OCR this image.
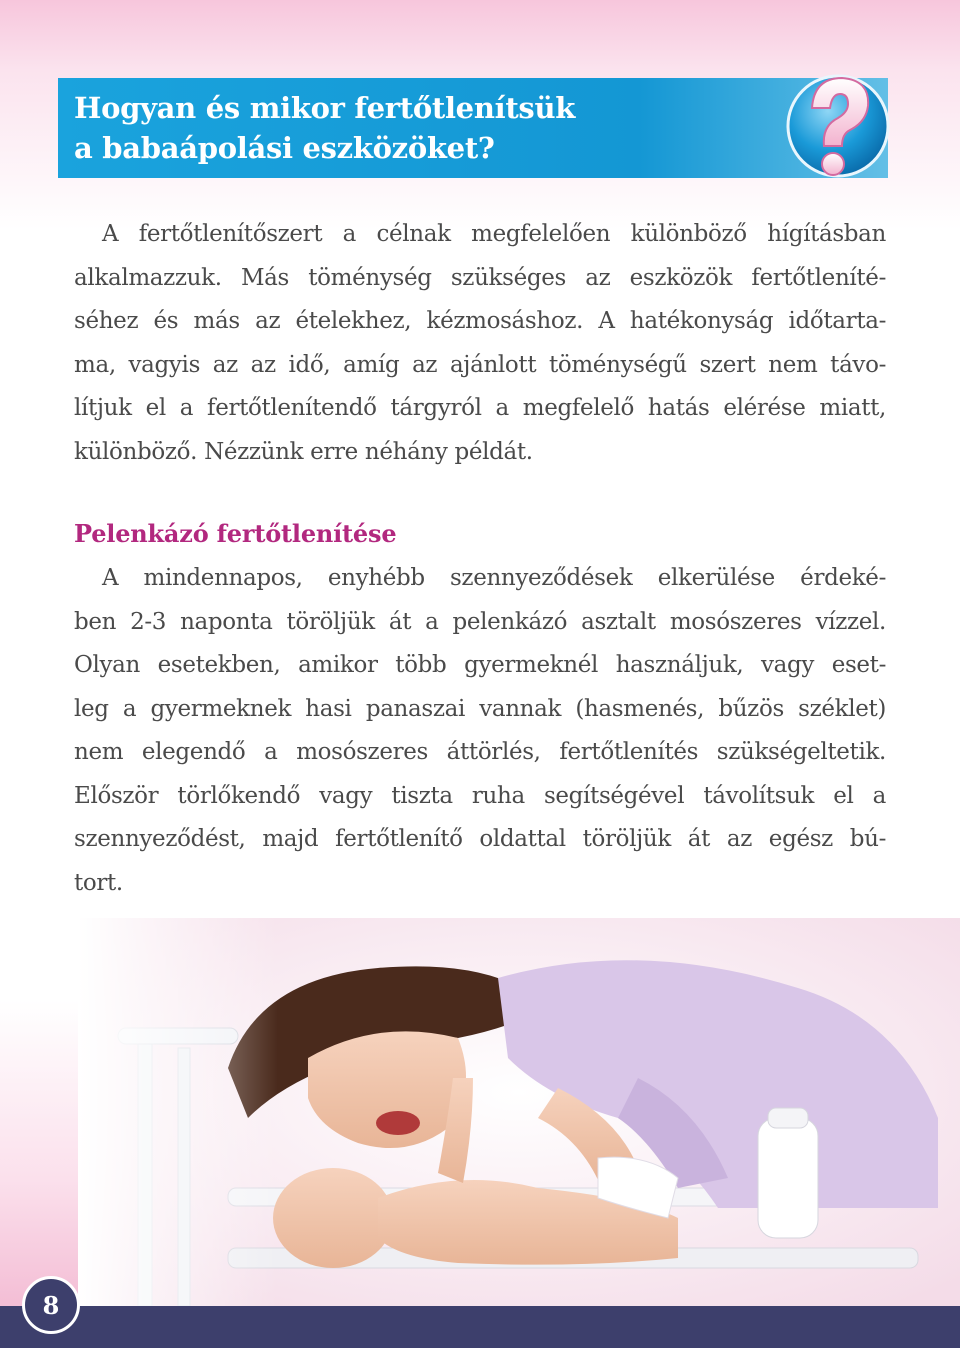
Hogyan és mikor fertőtlenítsük
a babaápolási eszközöket?
A fertőtlenítőszert a célnak megfelelően különböző hígításban
alkalmazzuk. Más töménység szükséges az eszközök fertőtleníté-
séhez és más az ételekhez, kézmosáshoz. A hatékonyság időtarta-
ma, vagyis az az idő, amíg az ajánlott töménységű szert nem távo-
lítjuk el a fertőtlenítendő tárgyról a megfelelő hatás elérése miatt,
különböző. Nézzünk erre néhány példát.
Pelenkázó fertőtlenítése
A mindennapos, enyhébb szennyeződések elkerülése érdeké-
ben 2-3 naponta töröljük át a pelenkázó asztalt mosószeres vízzel.
Olyan esetekben, amikor több gyermeknél használjuk, vagy eset-
leg a gyermeknek hasi panaszai vannak (hasmenés, bűzös széklet)
nem elegendő a mosószeres áttörlés, fertőtlenítés szükségeltetik.
Először törlőkendő vagy tiszta ruha segítségével távolítsuk el a
szennyeződést, majd fertőtlenítő oldattal töröljük át az egész bú-
tort.
8
